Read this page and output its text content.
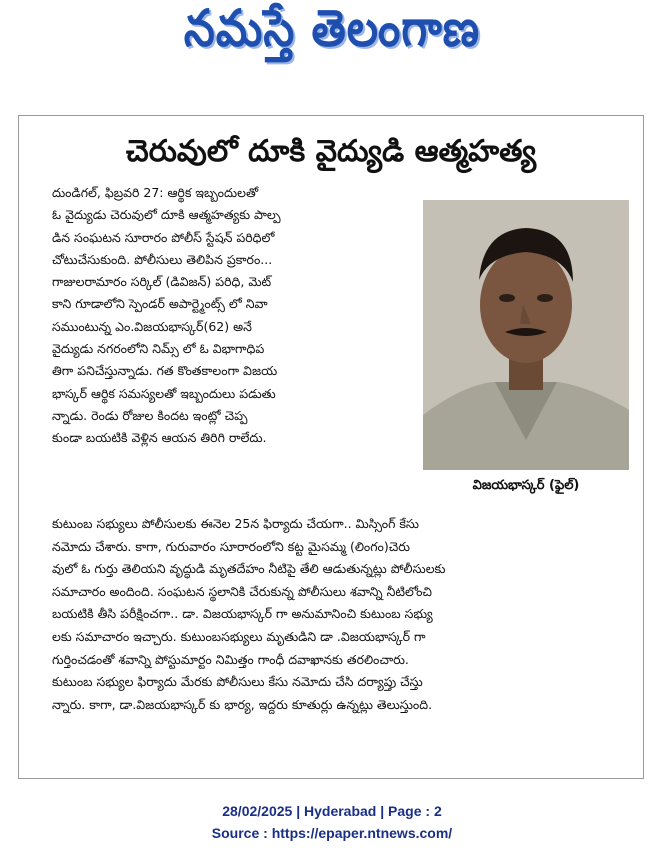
నమస్తే తెలంగాణ
చెరువులో దూకి వైద్యుడి ఆత్మహత్య
దుండిగల్, ఫిబ్రవరి 27: ఆర్థిక ఇబ్బందులతో
ఓ వైద్యుడు చెరువులో దూకి ఆత్మహత్యకు పాల్ప
డిన సంఘటన సూరారం పోలీస్ స్టేషన్ పరిధిలో
చోటుచేసుకుంది. పోలీసులు తెలిపిన ప్రకారం...
గాజులరామారం సర్కిల్ (డివిజన్) పరిధి, మెట్
కాని గూడాలోని స్పెండర్ అపార్ట్మెంట్స్ లో నివా
సముంటున్న ఎం.విజయభాస్కర్(62) అనే
వైద్యుడు నగరంలోని నిమ్స్ లో ఓ విభాగాధిప
తిగా పనిచేస్తున్నాడు. గత కొంతకాలంగా విజయ
భాస్కర్ ఆర్థిక సమస్యలతో ఇబ్బందులు పడుతు
న్నాడు. రెండు రోజుల కిందట ఇంట్లో చెప్ప
కుండా బయటికి వెళ్లిన ఆయన తిరిగి రాలేదు.
విజయభాస్కర్ (ఫైల్)
కుటుంబ సభ్యులు పోలీసులకు ఈనెల 25న ఫిర్యాదు చేయగా.. మిస్సింగ్ కేసు
నమోదు చేశారు. కాగా, గురువారం సూరారంలోని కట్ట మైసమ్మ (లింగం)చెరు
వులో ఓ గుర్తు తెలియని వృద్ధుడి మృతదేహం నీటిపై తేలి ఆడుతున్నట్లు పోలీసులకు
సమాచారం అందింది. సంఘటన స్థలానికి చేరుకున్న పోలీసులు శవాన్ని నీటిలోంచి
బయటికి తీసి పరీక్షించగా.. డా. విజయభాస్కర్ గా అనుమానించి కుటుంబ సభ్యు
లకు సమాచారం ఇచ్చారు. కుటుంబసభ్యులు మృతుడిని డా .విజయభాస్కర్ గా
గుర్తించడంతో శవాన్ని పోస్టుమార్టం నిమిత్తం గాంధీ దవాఖానకు తరలించారు.
కుటుంబ సభ్యుల ఫిర్యాదు మేరకు పోలీసులు కేసు నమోదు చేసి దర్యాప్తు చేస్తు
న్నారు. కాగా, డా.విజయభాస్కర్ కు భార్య, ఇద్దరు కూతుర్లు ఉన్నట్లు తెలుస్తుంది.
28/02/2025 | Hyderabad | Page : 2
Source : https://epaper.ntnews.com/
